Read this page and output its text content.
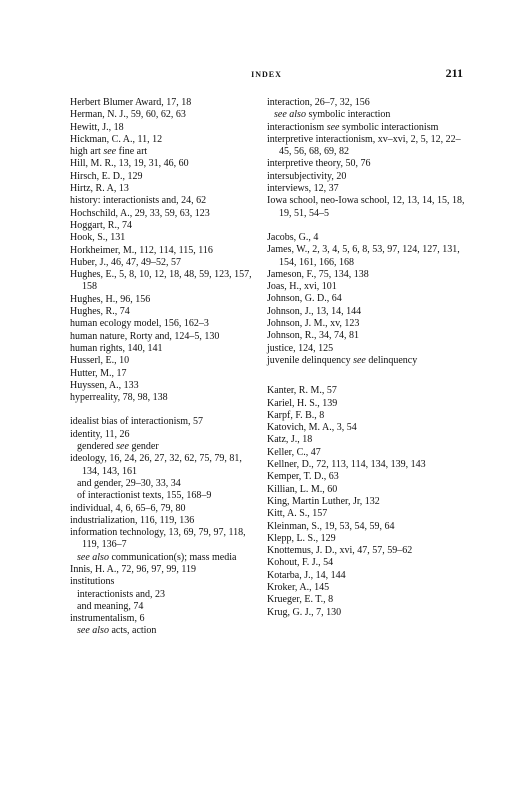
INDEX	211
Herbert Blumer Award, 17, 18
Herman, N. J., 59, 60, 62, 63
Hewitt, J., 18
Hickman, C. A., 11, 12
high art see fine art
Hill, M. R., 13, 19, 31, 46, 60
Hirsch, E. D., 129
Hirtz, R. A, 13
history: interactionists and, 24, 62
Hochschild, A., 29, 33, 59, 63, 123
Hoggart, R., 74
Hook, S., 131
Horkheimer, M., 112, 114, 115, 116
Huber, J., 46, 47, 49–52, 57
Hughes, E., 5, 8, 10, 12, 18, 48, 59, 123, 157, 158
Hughes, H., 96, 156
Hughes, R., 74
human ecology model, 156, 162–3
human nature, Rorty and, 124–5, 130
human rights, 140, 141
Husserl, E., 10
Hutter, M., 17
Huyssen, A., 133
hyperreality, 78, 98, 138
idealist bias of interactionism, 57
identity, 11, 26
gendered see gender
ideology, 16, 24, 26, 27, 32, 62, 75, 79, 81, 134, 143, 161
and gender, 29–30, 33, 34
of interactionist texts, 155, 168–9
individual, 4, 6, 65–6, 79, 80
industrialization, 116, 119, 136
information technology, 13, 69, 79, 97, 118, 119, 136–7
see also communication(s); mass media
Innis, H. A., 72, 96, 97, 99, 119
institutions
interactionists and, 23
and meaning, 74
instrumentalism, 6
see also acts, action
interaction, 26–7, 32, 156
see also symbolic interaction
interactionism see symbolic interactionism
interpretive interactionism, xv–xvi, 2, 5, 12, 22–45, 56, 68, 69, 82
interpretive theory, 50, 76
intersubjectivity, 20
interviews, 12, 37
Iowa school, neo-Iowa school, 12, 13, 14, 15, 18, 19, 51, 54–5
Jacobs, G., 4
James, W., 2, 3, 4, 5, 6, 8, 53, 97, 124, 127, 131, 154, 161, 166, 168
Jameson, F., 75, 134, 138
Joas, H., xvi, 101
Johnson, G. D., 64
Johnson, J., 13, 14, 144
Johnson, J. M., xv, 123
Johnson, R., 34, 74, 81
justice, 124, 125
juvenile delinquency see delinquency
Kanter, R. M., 57
Kariel, H. S., 139
Karpf, F. B., 8
Katovich, M. A., 3, 54
Katz, J., 18
Keller, C., 47
Kellner, D., 72, 113, 114, 134, 139, 143
Kemper, T. D., 63
Killian, L. M., 60
King, Martin Luther, Jr, 132
Kitt, A. S., 157
Kleinman, S., 19, 53, 54, 59, 64
Klepp, L. S., 129
Knottemus, J. D., xvi, 47, 57, 59–62
Kohout, F. J., 54
Kotarba, J., 14, 144
Kroker, A., 145
Krueger, E. T., 8
Krug, G. J., 7, 130
